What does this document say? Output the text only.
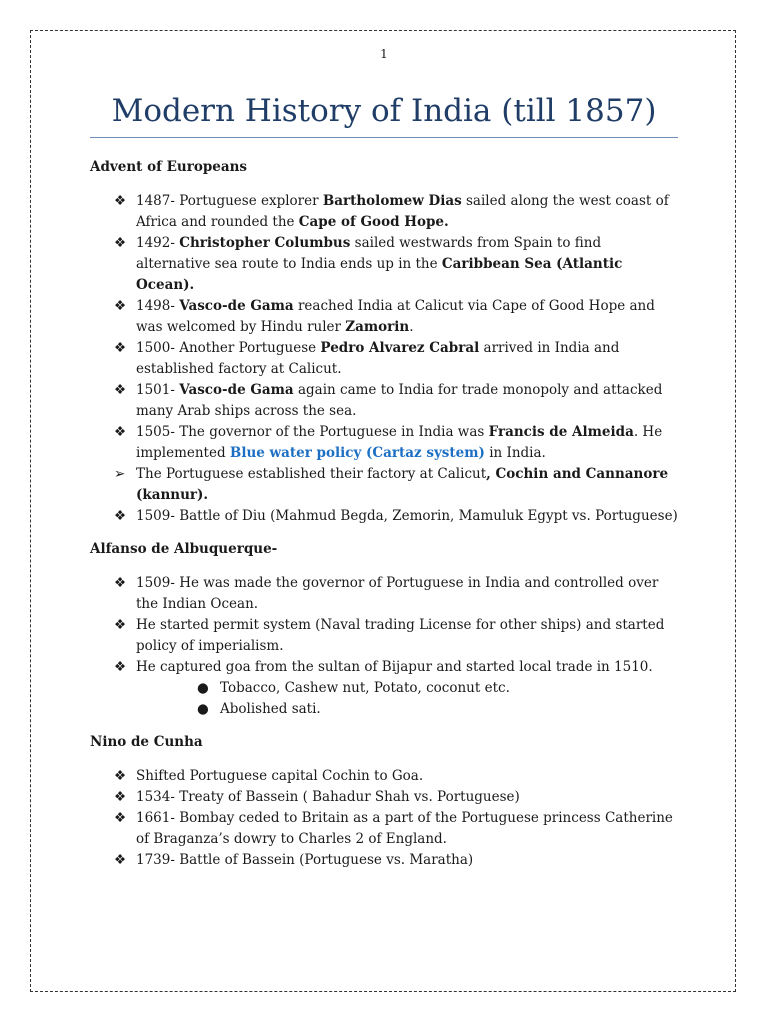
1
Modern History of India (till 1857)

Advent of Europeans

❖ 1487- Portuguese explorer Bartholomew Dias sailed along the west coast of Africa and rounded the Cape of Good Hope.
❖ 1492- Christopher Columbus sailed westwards from Spain to find alternative sea route to India ends up in the Caribbean Sea (Atlantic Ocean).
❖ 1498- Vasco-de Gama reached India at Calicut via Cape of Good Hope and was welcomed by Hindu ruler Zamorin.
❖ 1500- Another Portuguese Pedro Alvarez Cabral arrived in India and established factory at Calicut.
❖ 1501- Vasco-de Gama again came to India for trade monopoly and attacked many Arab ships across the sea.
❖ 1505- The governor of the Portuguese in India was Francis de Almeida. He implemented Blue water policy (Cartaz system) in India.
➢ The Portuguese established their factory at Calicut, Cochin and Cannanore (kannur).
❖ 1509- Battle of Diu (Mahmud Begda, Zemorin, Mamuluk Egypt vs. Portuguese)

Alfanso de Albuquerque-

❖ 1509- He was made the governor of Portuguese in India and controlled over the Indian Ocean.
❖ He started permit system (Naval trading License for other ships) and started policy of imperialism.
❖ He captured goa from the sultan of Bijapur and started local trade in 1510.
● Tobacco, Cashew nut, Potato, coconut etc.
● Abolished sati.

Nino de Cunha

❖ Shifted Portuguese capital Cochin to Goa.
❖ 1534- Treaty of Bassein ( Bahadur Shah vs. Portuguese)
❖ 1661- Bombay ceded to Britain as a part of the Portuguese princess Catherine of Braganza’s dowry to Charles 2 of England.
❖ 1739- Battle of Bassein (Portuguese vs. Maratha)
